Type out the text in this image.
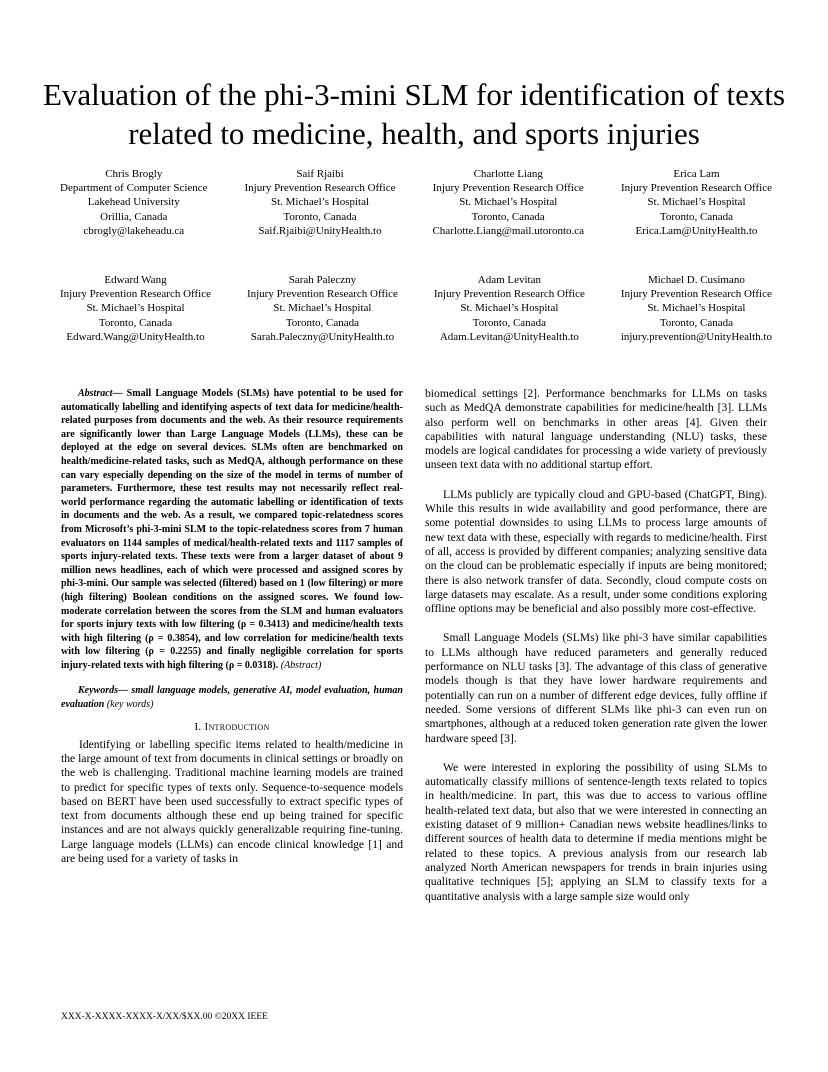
Evaluation of the phi-3-mini SLM for identification of texts related to medicine, health, and sports injuries
Chris Brogly
Department of Computer Science
Lakehead University
Orillia, Canada
cbrogly@lakeheadu.ca
Saif Rjaibi
Injury Prevention Research Office
St. Michael’s Hospital
Toronto, Canada
Saif.Rjaibi@UnityHealth.to
Charlotte Liang
Injury Prevention Research Office
St. Michael’s Hospital
Toronto, Canada
Charlotte.Liang@mail.utoronto.ca
Erica Lam
Injury Prevention Research Office
St. Michael’s Hospital
Toronto, Canada
Erica.Lam@UnityHealth.to
Edward Wang
Injury Prevention Research Office
St. Michael’s Hospital
Toronto, Canada
Edward.Wang@UnityHealth.to
Sarah Paleczny
Injury Prevention Research Office
St. Michael’s Hospital
Toronto, Canada
Sarah.Paleczny@UnityHealth.to
Adam Levitan
Injury Prevention Research Office
St. Michael’s Hospital
Toronto, Canada
Adam.Levitan@UnityHealth.to
Michael D. Cusimano
Injury Prevention Research Office
St. Michael’s Hospital
Toronto, Canada
injury.prevention@UnityHealth.to

Abstract— Small Language Models (SLMs) have potential to be used for automatically labelling and identifying aspects of text data for medicine/health-related purposes from documents and the web. As their resource requirements are significantly lower than Large Language Models (LLMs), these can be deployed at the edge on several devices. SLMs often are benchmarked on health/medicine-related tasks, such as MedQA, although performance on these can vary especially depending on the size of the model in terms of number of parameters. Furthermore, these test results may not necessarily reflect real-world performance regarding the automatic labelling or identification of texts in documents and the web. As a result, we compared topic-relatedness scores from Microsoft’s phi-3-mini SLM to the topic-relatedness scores from 7 human evaluators on 1144 samples of medical/health-related texts and 1117 samples of sports injury-related texts. These texts were from a larger dataset of about 9 million news headlines, each of which were processed and assigned scores by phi-3-mini. Our sample was selected (filtered) based on 1 (low filtering) or more (high filtering) Boolean conditions on the assigned scores. We found low-moderate correlation between the scores from the SLM and human evaluators for sports injury texts with low filtering (ρ = 0.3413) and medicine/health texts with high filtering (ρ = 0.3854), and low correlation for medicine/health texts with low filtering (ρ = 0.2255) and finally negligible correlation for sports injury-related texts with high filtering (ρ = 0.0318). (Abstract)

Keywords— small language models, generative AI, model evaluation, human evaluation (key words)

I. Introduction

Identifying or labelling specific items related to health/medicine in the large amount of text from documents in clinical settings or broadly on the web is challenging. Traditional machine learning models are trained to predict for specific types of texts only. Sequence-to-sequence models based on BERT have been used successfully to extract specific types of text from documents although these end up being trained for specific instances and are not always quickly generalizable requiring fine-tuning. Large language models (LLMs) can encode clinical knowledge [1] and are being used for a variety of tasks in

biomedical settings [2]. Performance benchmarks for LLMs on tasks such as MedQA demonstrate capabilities for medicine/health [3]. LLMs also perform well on benchmarks in other areas [4]. Given their capabilities with natural language understanding (NLU) tasks, these models are logical candidates for processing a wide variety of previously unseen text data with no additional startup effort.

LLMs publicly are typically cloud and GPU-based (ChatGPT, Bing). While this results in wide availability and good performance, there are some potential downsides to using LLMs to process large amounts of new text data with these, especially with regards to medicine/health. First of all, access is provided by different companies; analyzing sensitive data on the cloud can be problematic especially if inputs are being monitored; there is also network transfer of data. Secondly, cloud compute costs on large datasets may escalate. As a result, under some conditions exploring offline options may be beneficial and also possibly more cost-effective.

Small Language Models (SLMs) like phi-3 have similar capabilities to LLMs although have reduced parameters and generally reduced performance on NLU tasks [3]. The advantage of this class of generative models though is that they have lower hardware requirements and potentially can run on a number of different edge devices, fully offline if needed. Some versions of different SLMs like phi-3 can even run on smartphones, although at a reduced token generation rate given the lower hardware speed [3].

We were interested in exploring the possibility of using SLMs to automatically classify millions of sentence-length texts related to topics in health/medicine. In part, this was due to access to various offline health-related text data, but also that we were interested in connecting an existing dataset of 9 million+ Canadian news website headlines/links to different sources of health data to determine if media mentions might be related to these topics. A previous analysis from our research lab analyzed North American newspapers for trends in brain injuries using qualitative techniques [5]; applying an SLM to classify texts for a quantitative analysis with a large sample size would only

XXX-X-XXXX-XXXX-X/XX/$XX.00 ©20XX IEEE
